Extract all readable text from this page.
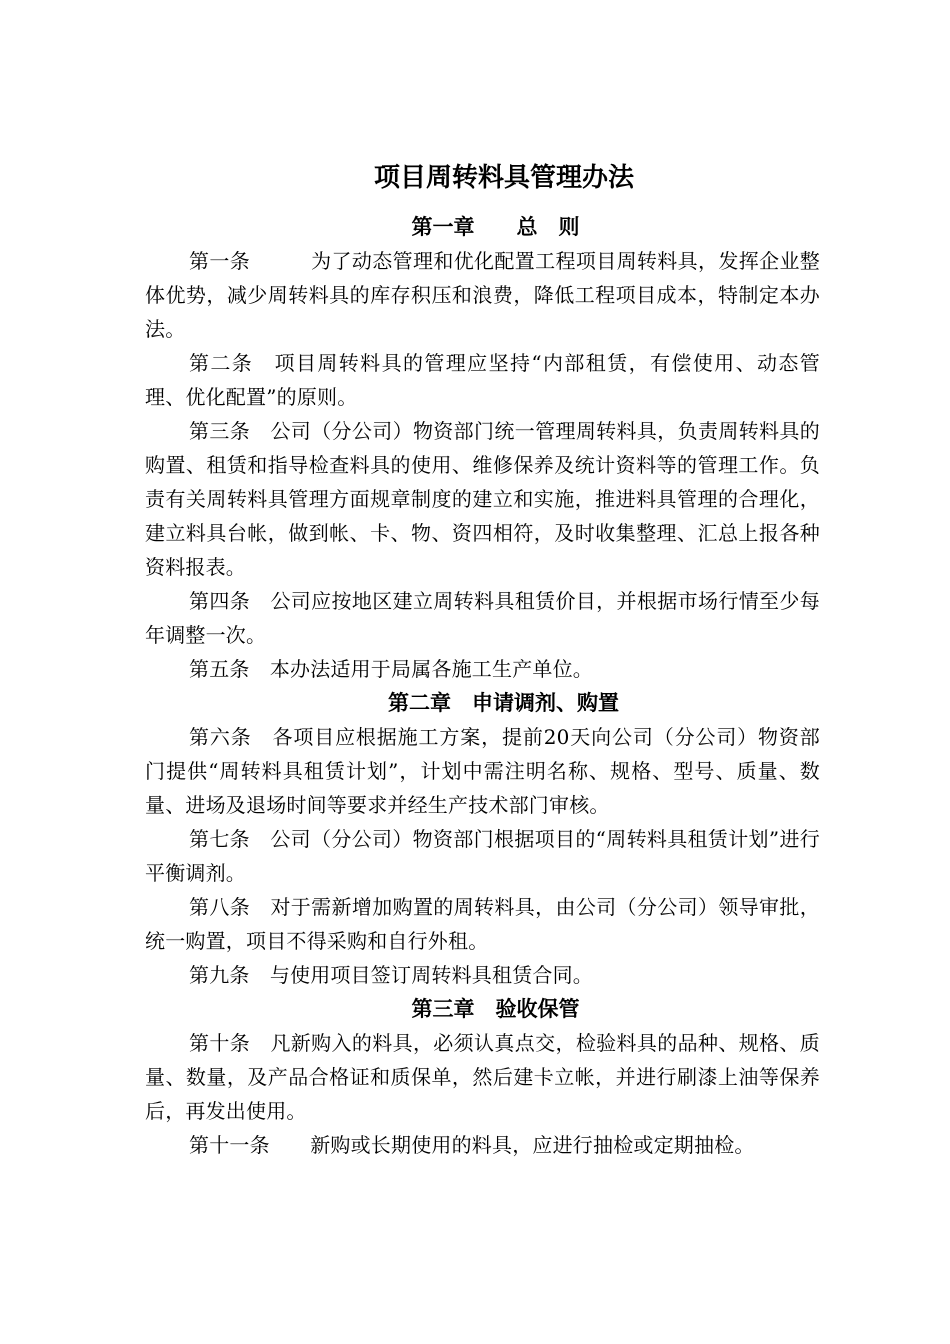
项目周转料具管理办法
第一章　　总　则

第一条　　　为了动态管理和优化配置工程项目周转料具，发挥企业整体优势，减少周转料具的库存积压和浪费，降低工程项目成本，特制定本办法。

第二条　项目周转料具的管理应坚持“内部租赁，有偿使用、动态管理、优化配置”的原则。

第三条　公司（分公司）物资部门统一管理周转料具，负责周转料具的购置、租赁和指导检查料具的使用、维修保养及统计资料等的管理工作。负责有关周转料具管理方面规章制度的建立和实施，推进料具管理的合理化，建立料具台帐，做到帐、卡、物、资四相符，及时收集整理、汇总上报各种资料报表。

第四条　公司应按地区建立周转料具租赁价目，并根据市场行情至少每年调整一次。

第五条　本办法适用于局属各施工生产单位。

第二章　申请调剂、购置

第六条　各项目应根据施工方案，提前20天向公司（分公司）物资部门提供“周转料具租赁计划”，计划中需注明名称、规格、型号、质量、数量、进场及退场时间等要求并经生产技术部门审核。

第七条　公司（分公司）物资部门根据项目的“周转料具租赁计划”进行平衡调剂。

第八条　对于需新增加购置的周转料具，由公司（分公司）领导审批，统一购置，项目不得采购和自行外租。

第九条　与使用项目签订周转料具租赁合同。

第三章　验收保管

第十条　凡新购入的料具，必须认真点交，检验料具的品种、规格、质量、数量，及产品合格证和质保单，然后建卡立帐，并进行刷漆上油等保养后，再发出使用。

第十一条　　新购或长期使用的料具，应进行抽检或定期抽检。
